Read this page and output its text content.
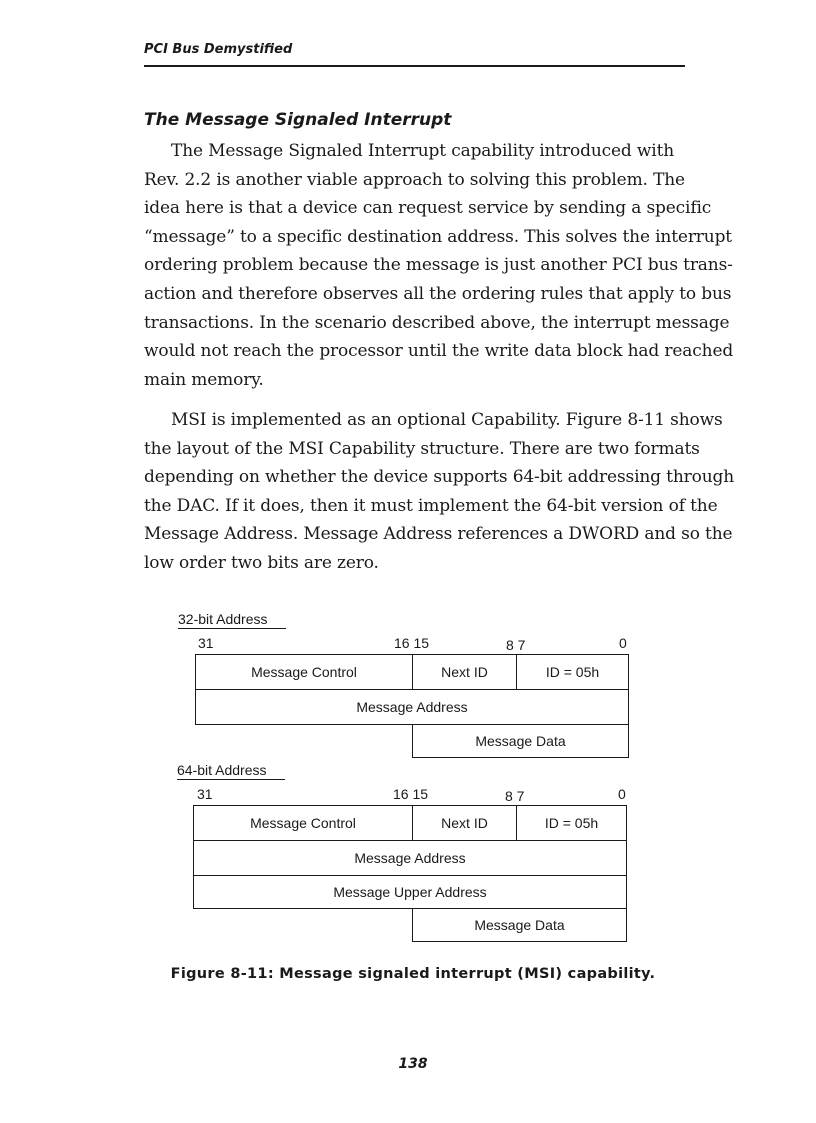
PCI Bus Demystified
The Message Signaled Interrupt

The Message Signaled Interrupt capability introduced with
Rev. 2.2 is another viable approach to solving this problem. The
idea here is that a device can request service by sending a specific
“message” to a specific destination address. This solves the interrupt
ordering problem because the message is just another PCI bus trans-
action and therefore observes all the ordering rules that apply to bus
transactions. In the scenario described above, the interrupt message
would not reach the processor until the write data block had reached
main memory.

MSI is implemented as an optional Capability. Figure 8-11 shows
the layout of the MSI Capability structure. There are two formats
depending on whether the device supports 64-bit addressing through
the DAC. If it does, then it must implement the 64-bit version of the
Message Address. Message Address references a DWORD and so the
low order two bits are zero.

32-bit Address
31	16 15	8 7	0
Message Control	Next ID	ID = 05h
Message Address
Message Data
64-bit Address
31	16 15	8 7	0
Message Control	Next ID	ID = 05h
Message Address
Message Upper Address
Message Data
Figure 8-11: Message signaled interrupt (MSI) capability.
138
